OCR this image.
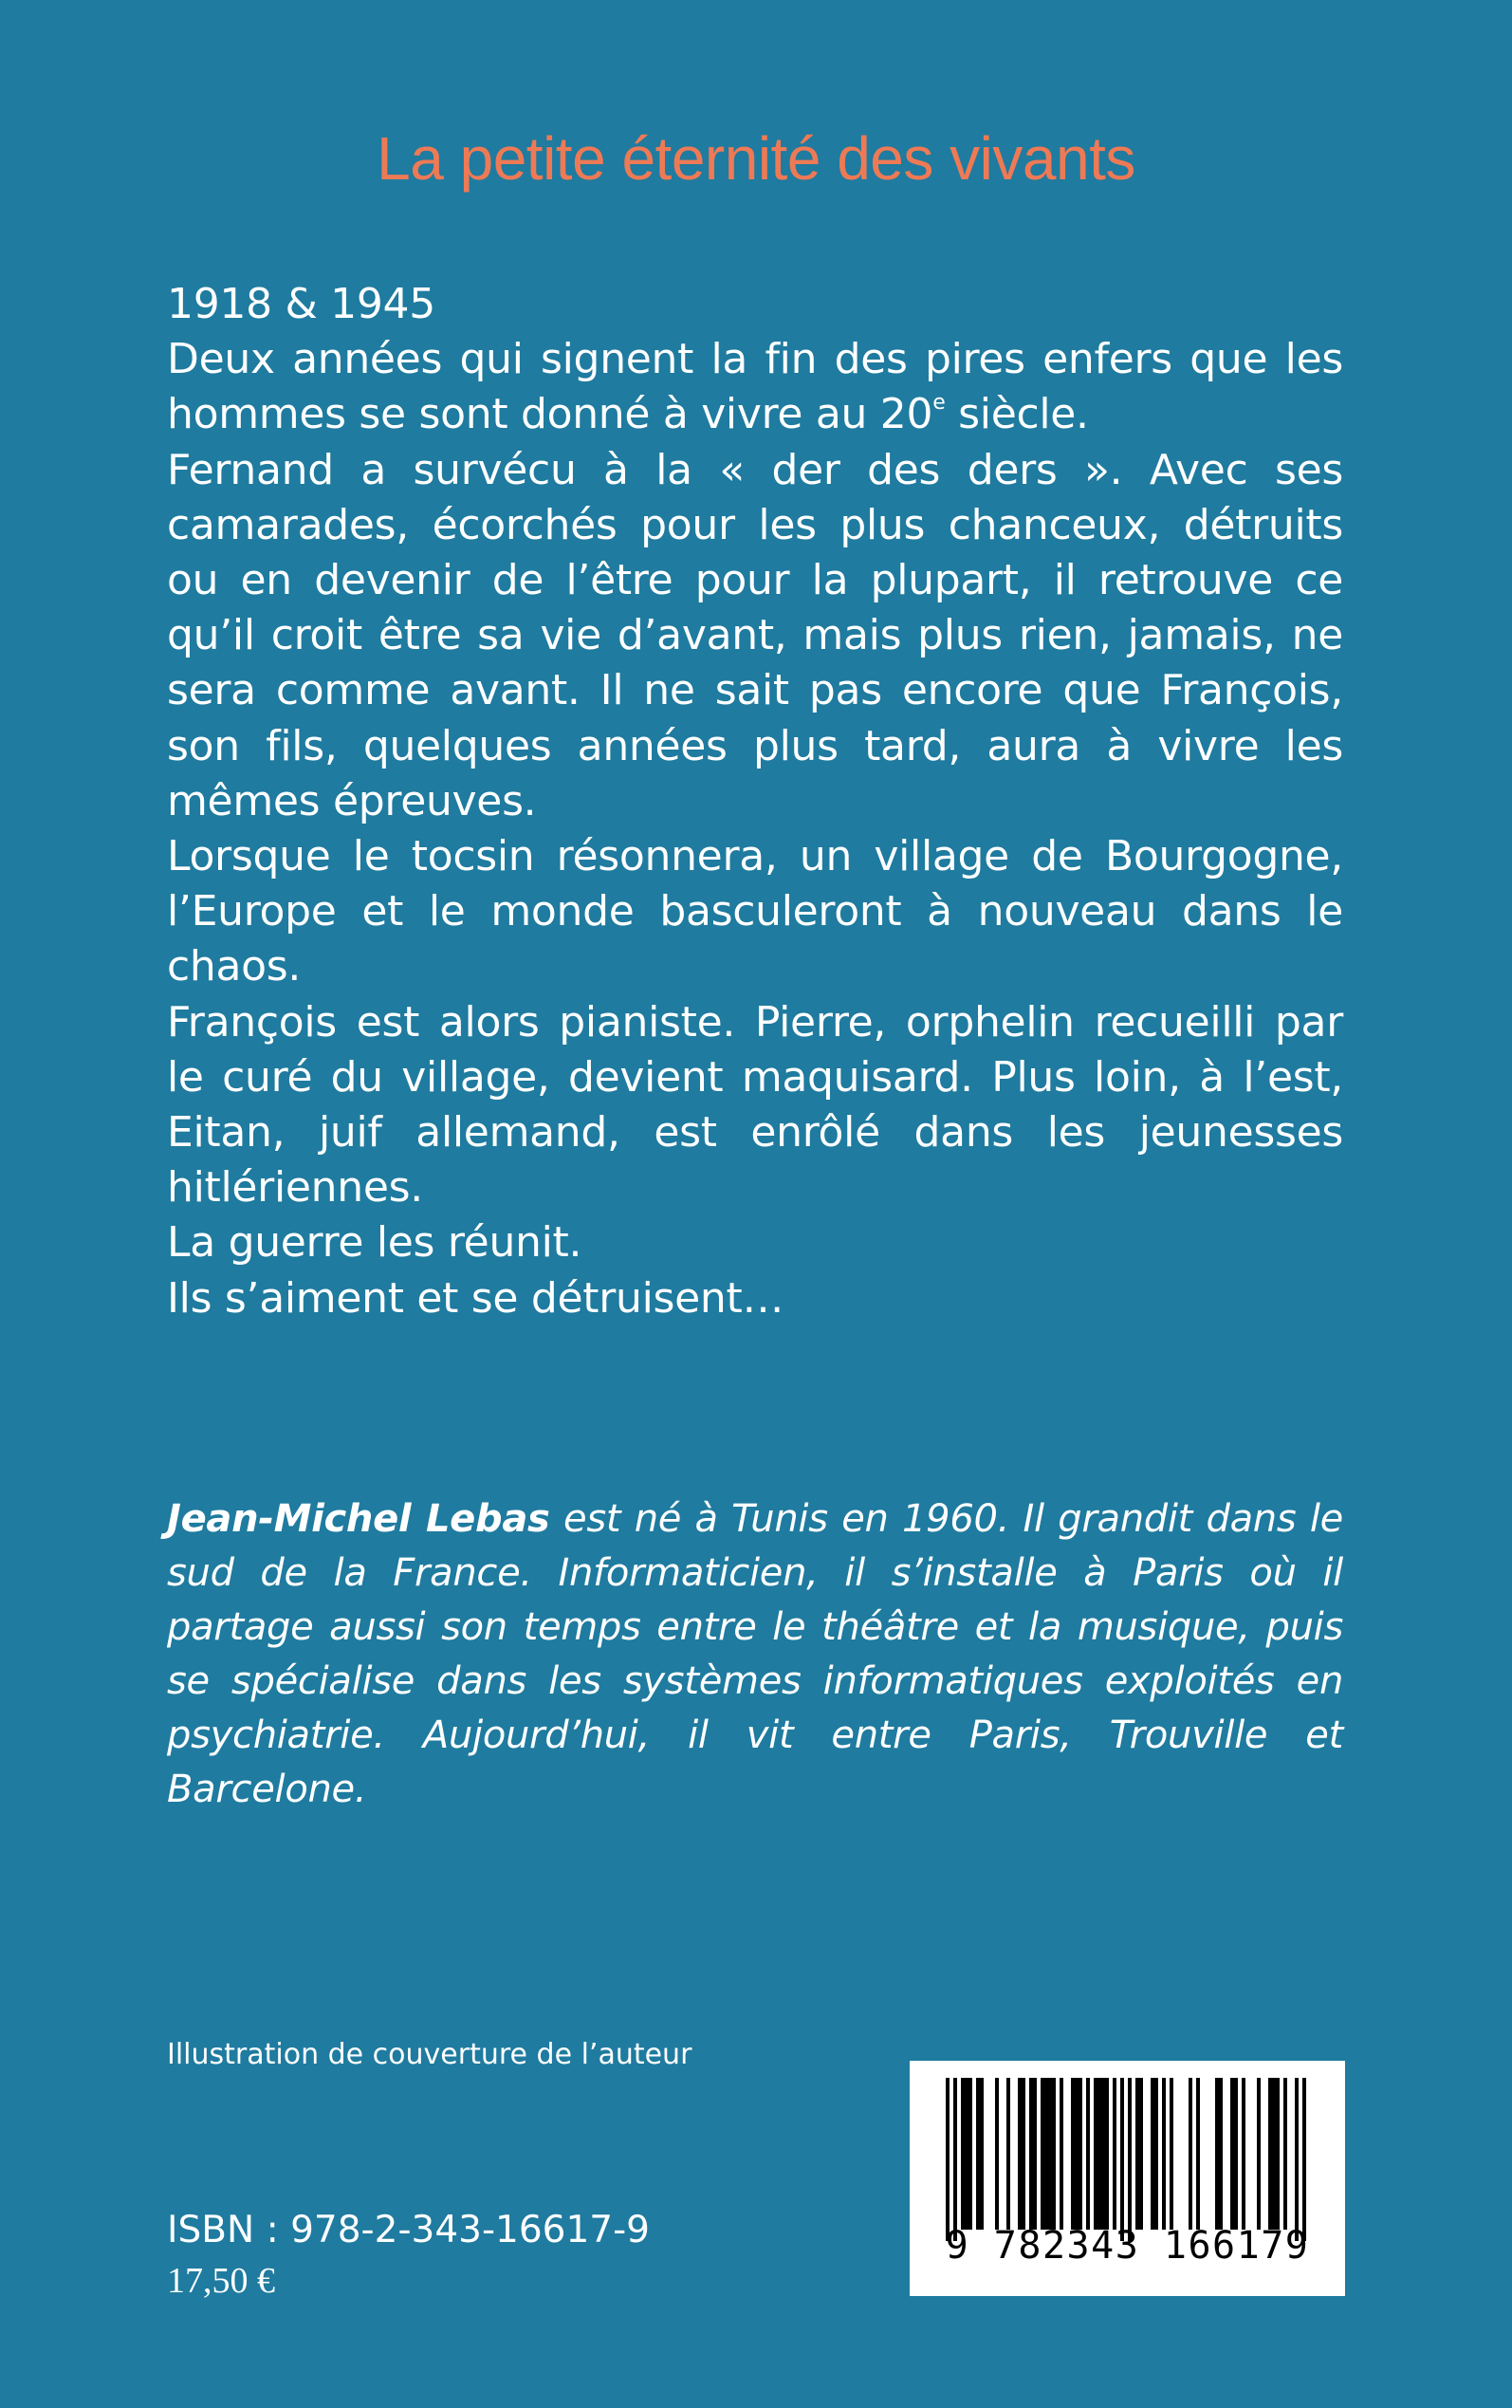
La petite éternité des vivants

1918 & 1945

Deux années qui signent la fin des pires enfers que les hommes se sont donné à vivre au 20e siècle.

Fernand a survécu à la « der des ders ». Avec ses camarades, écorchés pour les plus chanceux, détruits ou en devenir de l’être pour la plupart, il retrouve ce qu’il croit être sa vie d’avant, mais plus rien, jamais, ne sera comme avant. Il ne sait pas encore que François, son fils, quelques années plus tard, aura à vivre les mêmes épreuves.

Lorsque le tocsin résonnera, un village de Bourgogne, l’Europe et le monde basculeront à nouveau dans le chaos.

François est alors pianiste. Pierre, orphelin recueilli par le curé du village, devient maquisard. Plus loin, à l’est, Eitan, juif allemand, est enrôlé dans les jeunesses hitlériennes.

La guerre les réunit.

Ils s’aiment et se détruisent…

Jean-Michel Lebas est né à Tunis en 1960. Il grandit dans le sud de la France. Informaticien, il s’installe à Paris où il partage aussi son temps entre le théâtre et la musique, puis se spécialise dans les systèmes informatiques exploités en psychiatrie. Aujourd’hui, il vit entre Paris, Trouville et Barcelone.

Illustration de couverture de l’auteur

ISBN : 978-2-343-16617-9

17,50 €

9 782343 166179
